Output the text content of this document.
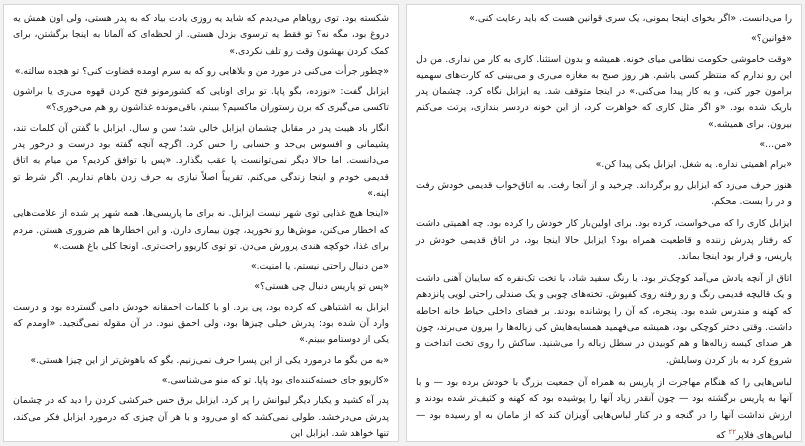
را می‌دانست. «اگر بخوای اینجا بمونی، یک سری قوانین هست که باید رعایت کنی.»

«قوانین؟»

«وقت خاموشی حکومت نظامی میای خونه. همیشه و بدون استثنا. کاری به کار من نداری. من دل این رو ندارم که منتظر کسی باشم. هر روز صبح به مغازه می‌ری و می‌بینی که کارت‌های سهمیه برامون جور کنی، و یه کار پیدا می‌کنی.» در اینجا متوقف شد. یه ایزابل نگاه کرد. چشمان پدر باریک شده بود. «و اگر مثل کاری که خواهرت کرد، از این خونه دردسر بندازی، پرتت می‌کنم بیرون. برای همیشه.»

«من...»

«برام اهمیتی نداره. یه شغل. ایزابل یکی پیدا کن.»

هنوز حرف می‌زد که ایزابل رو برگرداند. چرخید و از آنجا رفت. به اتاق‌خواب قدیمی خودش رفت و در را بست. محکم.

ایزابل کاری را که می‌خواست، کرده بود. برای اولین‌بار کار خودش را کرده بود. چه اهمیتی داشت که رفتار پدرش زننده و قاطعیت همراه بود؟ ایزابل حالا اینجا بود، در اتاق قدیمی خودش در پاریس، و قرار بود اینجا بماند.

اتاق از آنچه یادش می‌آمد کوچک‌تر بود. با رنگ سفید شاد، با تخت تک‌نفره که سایبان آهنی داشت و یک قالیچه قدیمی رنگ و رو رفته روی کفپوش. تخته‌های چوبی و یک صندلی راحتی لویی پانزدهم که کهنه و مندرس شده بود. پنجره، که آن را پوشانده بودند. بر فضای داخلی حیاط خانه احاطه داشت. وقتی دختر کوچکی بود، همیشه می‌فهمید همسایه‌هایش کی زباله‌ها را بیرون می‌برند، چون هر صدای کیسه زباله‌ها و هم کوبیدن در سطل زباله را می‌شنید. ساکش را روی تخت انداخت و شروع کرد به باز کردن وسایلش.

لباس‌هایی را که هنگام مهاجرت از پاریس به همراه آن جمعیت بزرگ با خودش برده بود — و با آنها به پاریس برگشته بود — چون آنقدر زیاد آنها را پوشیده بود که کهنه و کثیف‌تر شده بودند و ارزش نداشت آنها را در گنجه و در کنار لباس‌هایی آویزان کند که از مامان به او رسیده بود — لباس‌های فلاپر$^{۲۲}$ که

شکسته بود. توی رویاهام می‌دیدم که شاید یه روزی یادت بیاد که به پدر هستی، ولی اون همش یه دروغ بود، مگه نه؟ تو فقط یه ترسوی بزدل هستی. از لحظه‌ای که آلمانا به اینجا برگشتن، برای کمک کردن بهشون وقت رو تلف نکردی.»

«چطور جرأت می‌کنی در مورد من و بلاهایی رو که به سرم اومده قضاوت کنی؟ تو هجده سالته.»

ایزابل گفت: «نوزده، بگو پاپا. تو برای اونایی که کشورمونو فتح کردن قهوه می‌ری یا براشون تاکسی می‌گیری که برن رستوران ماکسیم؟ ببینم، باقی‌مونده غذاشون رو هم می‌خوری؟»

انگار باد هیبت پدر در مقابل چشمان ایزابل خالی شد؛ سن و سال. ایزابل با گفتن آن کلمات تند، پشیمانی و افسوس بی‌حد و حسابی را حس کرد. اگرچه آنچه گفته بود درست و درخور پدر می‌دانست. اما حالا دیگر نمی‌توانست پا عقب بگذارد. «پس با توافق کردیم؟ من میام به اتاق قدیمی خودم و اینجا زندگی می‌کنم. تقریباً اصلاً نیازی به حرف زدن باهام نداریم. اگر شرط تو اینه.»

«اینجا هیچ غذایی توی شهر نیست ایزابل. نه برای ما پاریسی‌ها. همه شهر پر شده از علامت‌هایی که اخطار می‌کنن، موش‌ها رو نخورید، چون بیماری دارن. و این اخطارها هم ضروری هستن. مردم برای غذا، خوکچه هندی پرورش می‌دن. تو توی کاریوو راحت‌تری. اونجا کلی باغ هست.»

«من دنبال راحتی نیستم. یا امنیت.»

«پس تو پاریس دنبال چی هستی؟»

ایزابل به اشتباهی که کرده بود، پی برد. او با کلمات احمقانه خودش دامی گسترده بود و درست وارد آن شده بود: پدرش خیلی چیزها بود، ولی احمق نبود. در آن مقوله نمی‌گنجید. «اومدم که یکی از دوستامو ببینم.»

«به من بگو ما درمورد یکی از این پسرا حرف نمی‌زنیم. بگو که باهوش‌تر از این چیزا هستی.»

«کاریوو جای خسته‌کننده‌ای بود پاپا. تو که منو می‌شناسی.»

پدر آه کشید و یکبار دیگر لیوانش را پر کرد. ایزابل برق حس خبرکشی کردن را دید که در چشمان پدرش می‌درخشد. طولی نمی‌کشد که او می‌رود و با هر آن چیزی که درمورد ایزابل فکر می‌کند، تنها خواهد شد. ایزابل این
